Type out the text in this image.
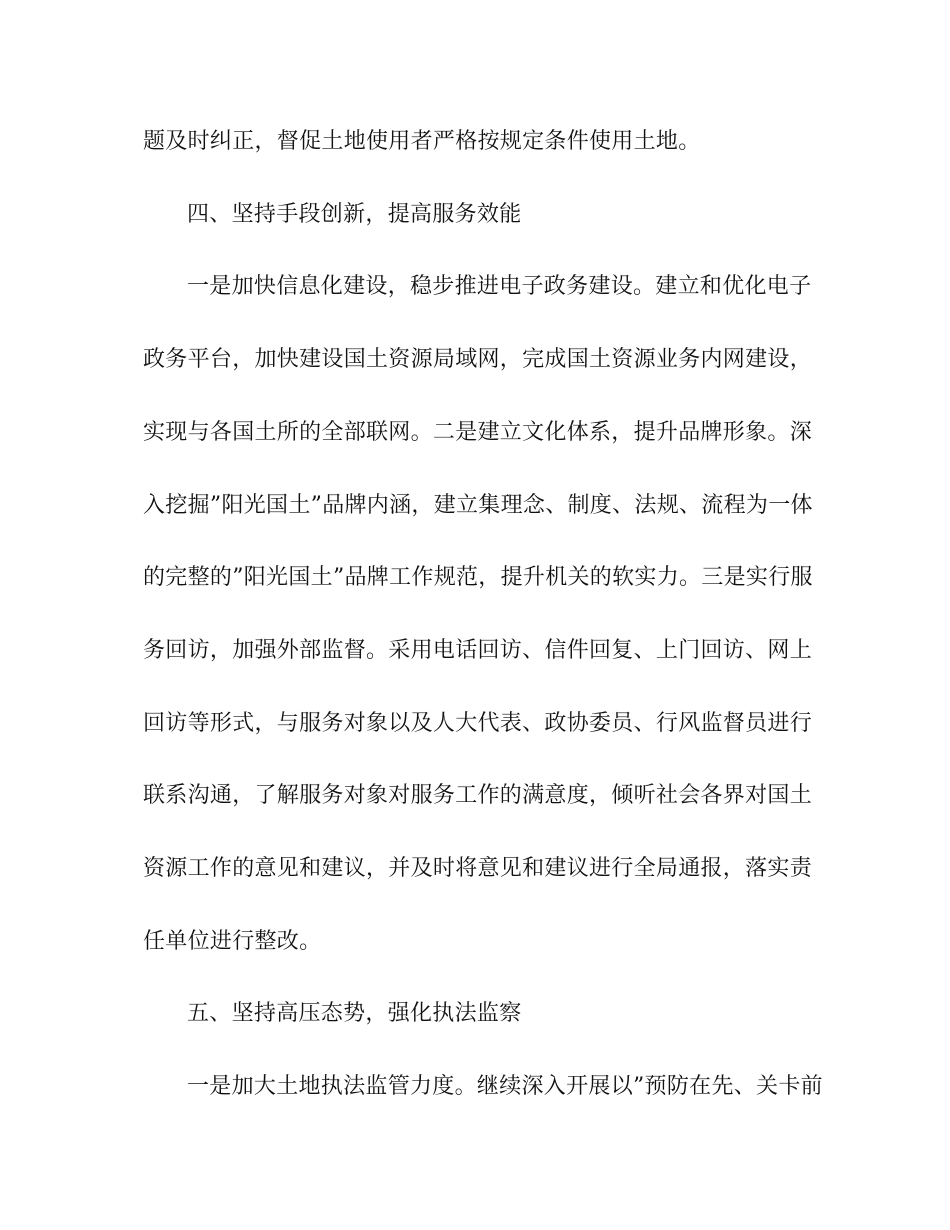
题及时纠正，督促土地使用者严格按规定条件使用土地。
四、坚持手段创新，提高服务效能
一是加快信息化建设，稳步推进电子政务建设。建立和优化电子
政务平台，加快建设国土资源局域网，完成国土资源业务内网建设，
实现与各国土所的全部联网。二是建立文化体系，提升品牌形象。深
入挖掘”阳光国土”品牌内涵，建立集理念、制度、法规、流程为一体
的完整的”阳光国土”品牌工作规范，提升机关的软实力。三是实行服
务回访，加强外部监督。采用电话回访、信件回复、上门回访、网上
回访等形式，与服务对象以及人大代表、政协委员、行风监督员进行
联系沟通，了解服务对象对服务工作的满意度，倾听社会各界对国土
资源工作的意见和建议，并及时将意见和建议进行全局通报，落实责
任单位进行整改。
五、坚持高压态势，强化执法监察
一是加大土地执法监管力度。继续深入开展以”预防在先、关卡前
